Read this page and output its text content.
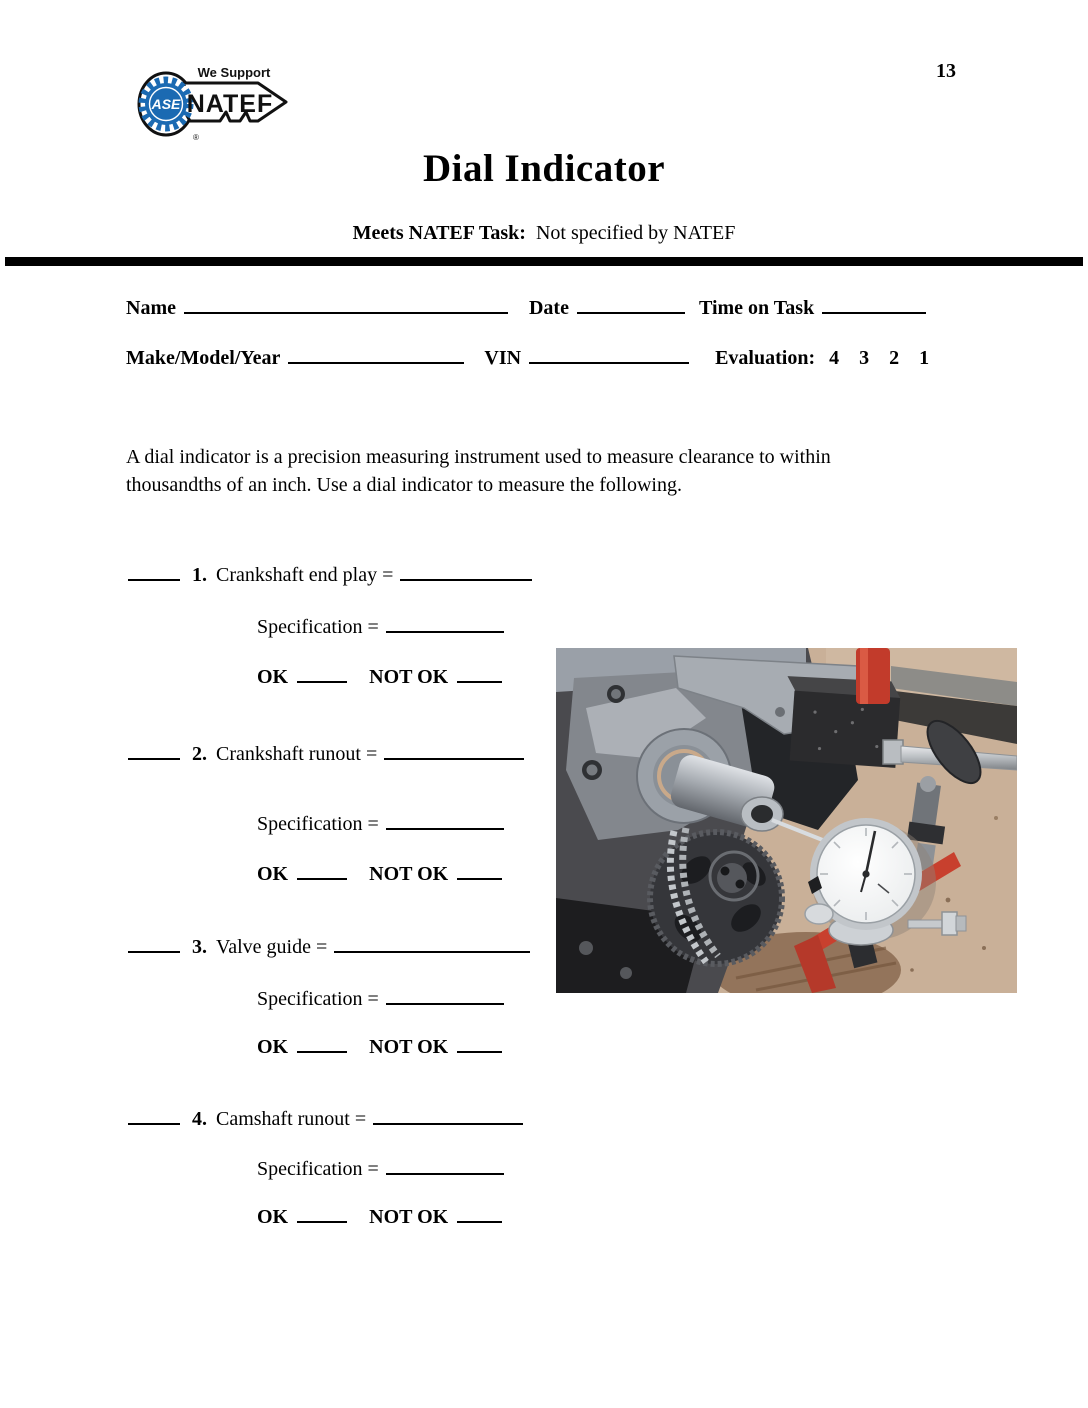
13
ASE
We Support
NATEF
®
Dial Indicator
Meets NATEF Task: Not specified by NATEF
Name	Date	Time on Task
Make/Model/Year	VIN	Evaluation: 4 3 2 1
A dial indicator is a precision measuring instrument used to measure clearance to within
thousandths of an inch. Use a dial indicator to measure the following.
1. Crankshaft end play =
Specification =
OK	NOT OK
2. Crankshaft runout =
Specification =
OK	NOT OK
3. Valve guide =
Specification =
OK	NOT OK
4. Camshaft runout =
Specification =
OK	NOT OK
